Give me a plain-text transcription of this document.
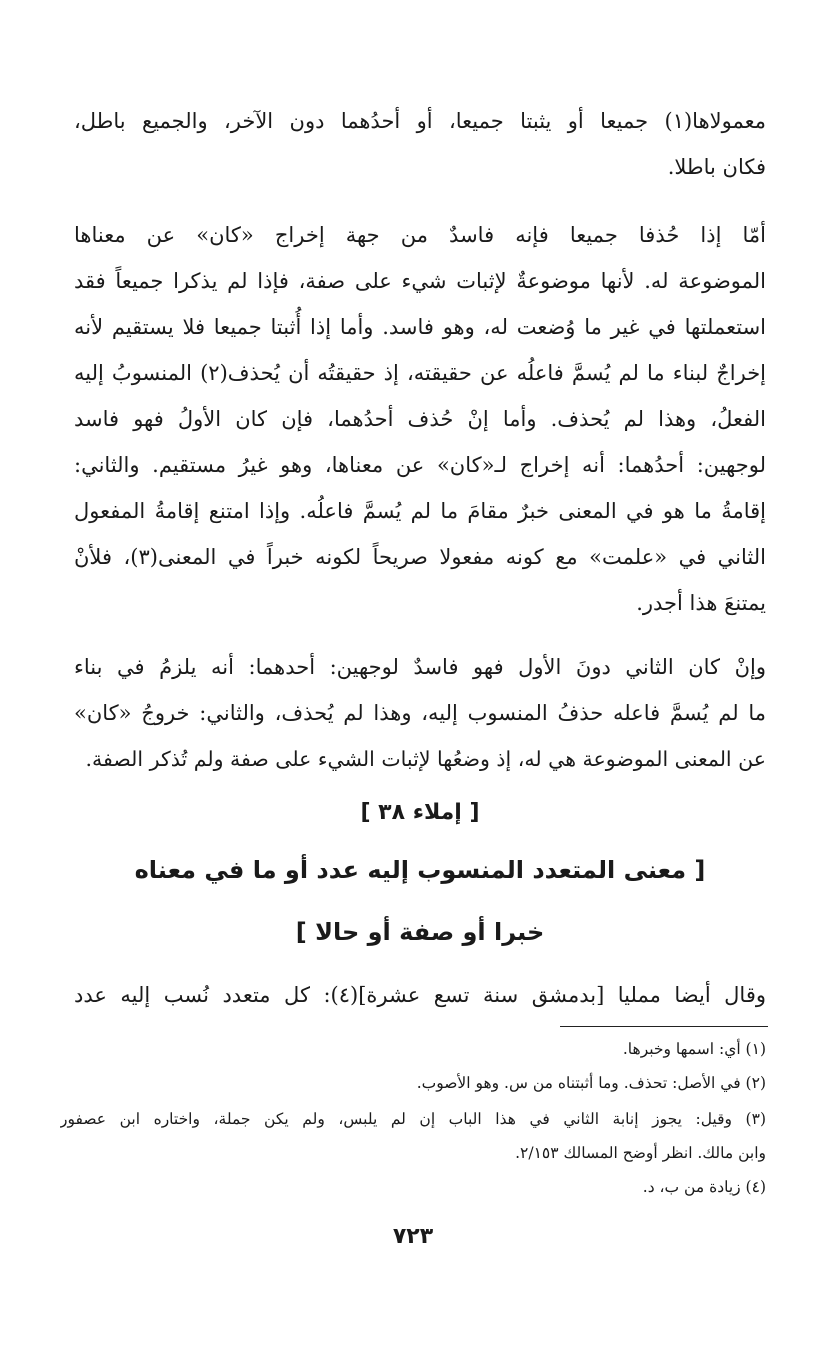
معمولاها(١) جميعا أو يثبتا جميعا، أو أحدُهما دون الآخر، والجميع باطل،
فكان باطلا.
أمّا إذا حُذفا جميعا فإنه فاسدٌ من جهة إخراج «كان» عن معناها
الموضوعة له. لأنها موضوعةٌ لإثبات شيء على صفة، فإذا لم يذكرا جميعاً فقد
استعملتها في غير ما وُضعت له، وهو فاسد. وأما إذا أُثبتا جميعا فلا يستقيم لأنه
إخراجٌ لبناء ما لم يُسمَّ فاعلُه عن حقيقته، إذ حقيقتُه أن يُحذف(٢) المنسوبُ إليه
الفعلُ، وهذا لم يُحذف. وأما إنْ حُذف أحدُهما، فإن كان الأولُ فهو فاسد
لوجهين: أحدُهما: أنه إخراج لـ«كان» عن معناها، وهو غيرُ مستقيم. والثاني:
إقامةُ ما هو في المعنى خبرٌ مقامَ ما لم يُسمَّ فاعلُه. وإذا امتنع إقامةُ المفعول
الثاني في «علمت» مع كونه مفعولا صريحاً لكونه خبراً في المعنى(٣)، فلأنْ
يمتنعَ هذا أجدر.
وإنْ كان الثاني دونَ الأول فهو فاسدٌ لوجهين: أحدهما: أنه يلزمُ في بناء
ما لم يُسمَّ فاعله حذفُ المنسوب إليه، وهذا لم يُحذف، والثاني: خروجُ «كان»
عن المعنى الموضوعة هي له، إذ وضعُها لإثبات الشيء على صفة ولم تُذكر الصفة.
[ إملاء ٣٨ ]
[ معنى المتعدد المنسوب إليه عدد أو ما في معناه
خبرا أو صفة أو حالا ]
وقال أيضا ممليا [بدمشق سنة تسع عشرة](٤): كل متعدد نُسب إليه عدد
(١) أي: اسمها وخبرها.
(٢) في الأصل: تحذف. وما أثبتناه من س. وهو الأصوب.
(٣) وقيل: يجوز إنابة الثاني في هذا الباب إن لم يلبس، ولم يكن جملة، واختاره ابن عصفور
وابن مالك. انظر أوضح المسالك ٢/١٥٣.
(٤) زيادة من ب، د.
٧٢٣
